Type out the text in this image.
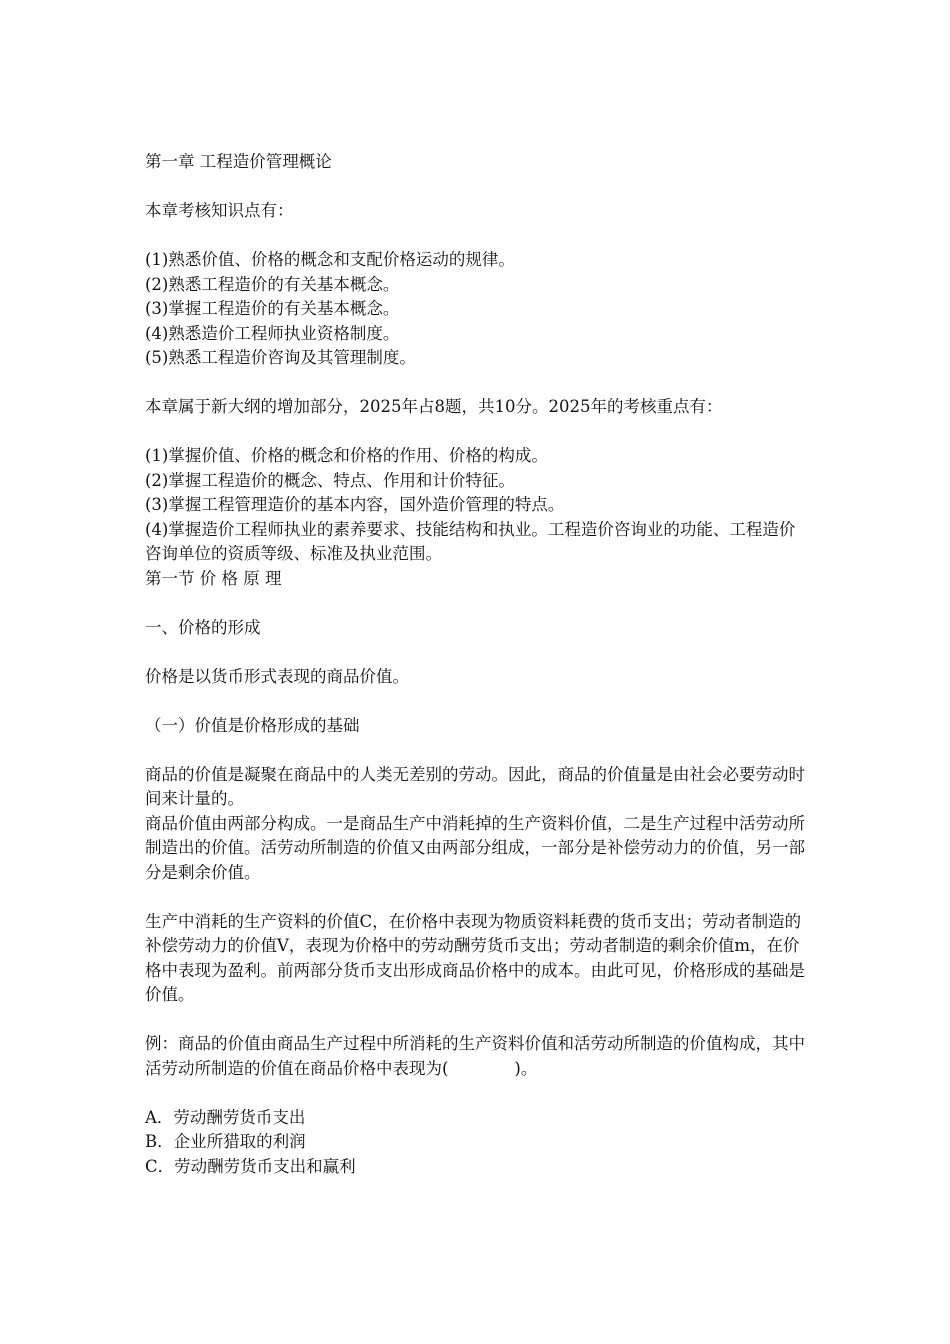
第一章 工程造价管理概论

本章考核知识点有：

(1)熟悉价值、价格的概念和支配价格运动的规律。

(2)熟悉工程造价的有关基本概念。

(3)掌握工程造价的有关基本概念。

(4)熟悉造价工程师执业资格制度。

(5)熟悉工程造价咨询及其管理制度。

本章属于新大纲的增加部分，2025年占8题，共10分。2025年的考核重点有：

(1)掌握价值、价格的概念和价格的作用、价格的构成。

(2)掌握工程造价的概念、特点、作用和计价特征。

(3)掌握工程管理造价的基本内容，国外造价管理的特点。

(4)掌握造价工程师执业的素养要求、技能结构和执业。工程造价咨询业的功能、工程造价咨询单位的资质等级、标准及执业范围。

第一节 价 格 原 理

一、价格的形成

价格是以货币形式表现的商品价值。

（一）价值是价格形成的基础

商品的价值是凝聚在商品中的人类无差别的劳动。因此，商品的价值量是由社会必要劳动时间来计量的。

商品价值由两部分构成。一是商品生产中消耗掉的生产资料价值，二是生产过程中活劳动所制造出的价值。活劳动所制造的价值又由两部分组成，一部分是补偿劳动力的价值，另一部分是剩余价值。

生产中消耗的生产资料的价值C，在价格中表现为物质资料耗费的货币支出；劳动者制造的补偿劳动力的价值V，表现为价格中的劳动酬劳货币支出；劳动者制造的剩余价值m，在价格中表现为盈利。前两部分货币支出形成商品价格中的成本。由此可见，价格形成的基础是价值。

例：商品的价值由商品生产过程中所消耗的生产资料价值和活劳动所制造的价值构成，其中活劳动所制造的价值在商品价格中表现为(　　　　)。

A．劳动酬劳货币支出

B．企业所猎取的利润

C．劳动酬劳货币支出和赢利
